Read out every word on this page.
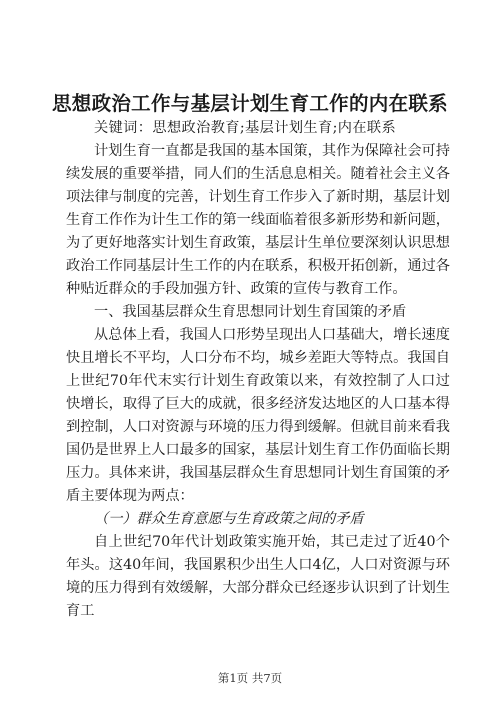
思想政治工作与基层计划生育工作的内在联系

关键词：思想政治教育;基层计划生育;内在联系

计划生育一直都是我国的基本国策，其作为保障社会可持续发展的重要举措，同人们的生活息息相关。随着社会主义各项法律与制度的完善，计划生育工作步入了新时期，基层计划生育工作作为计生工作的第一线面临着很多新形势和新问题，为了更好地落实计划生育政策，基层计生单位要深刻认识思想政治工作同基层计生工作的内在联系，积极开拓创新，通过各种贴近群众的手段加强方针、政策的宣传与教育工作。

一、我国基层群众生育思想同计划生育国策的矛盾

从总体上看，我国人口形势呈现出人口基础大，增长速度快且增长不平均，人口分布不均，城乡差距大等特点。我国自上世纪70年代末实行计划生育政策以来，有效控制了人口过快增长，取得了巨大的成就，很多经济发达地区的人口基本得到控制，人口对资源与环境的压力得到缓解。但就目前来看我国仍是世界上人口最多的国家，基层计划生育工作仍面临长期压力。具体来讲，我国基层群众生育思想同计划生育国策的矛盾主要体现为两点：

（一）群众生育意愿与生育政策之间的矛盾

自上世纪70年代计划政策实施开始，其已走过了近40个年头。这40年间，我国累积少出生人口4亿，人口对资源与环境的压力得到有效缓解，大部分群众已经逐步认识到了计划生育工

第1页 共7页
